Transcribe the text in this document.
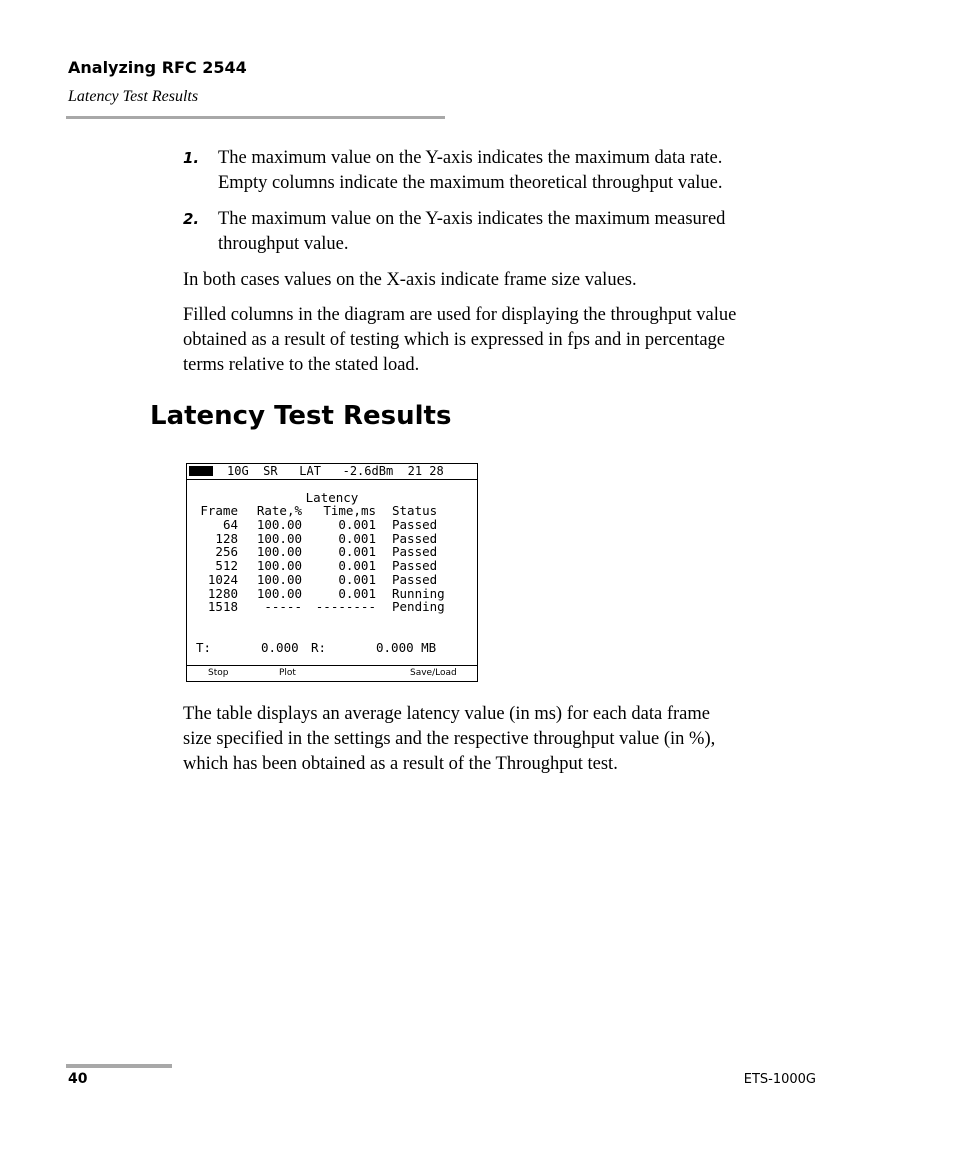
Analyzing RFC 2544
Latency Test Results
1. The maximum value on the Y-axis indicates the maximum data rate.
Empty columns indicate the maximum theoretical throughput value.
2. The maximum value on the Y-axis indicates the maximum measured
throughput value.
In both cases values on the X-axis indicate frame size values.
Filled columns in the diagram are used for displaying the throughput value
obtained as a result of testing which is expressed in fps and in percentage
terms relative to the stated load.
Latency Test Results

10G  SR   LAT   -2.6dBm  21 28

Latency
Frame	Rate,%	Time,ms Status
64	100.00	0.001 Passed
128	100.00	0.001 Passed
256	100.00	0.001 Passed
512	100.00	0.001 Passed
1024	100.00	0.001 Passed
1280	100.00	0.001 Running
1518	-----	-------- Pending
T:	0.000 R:	0.000 MB
Stop	Plot	Save/Load
The table displays an average latency value (in ms) for each data frame
size specified in the settings and the respective throughput value (in %),
which has been obtained as a result of the Throughput test.
40	ETS-1000G
